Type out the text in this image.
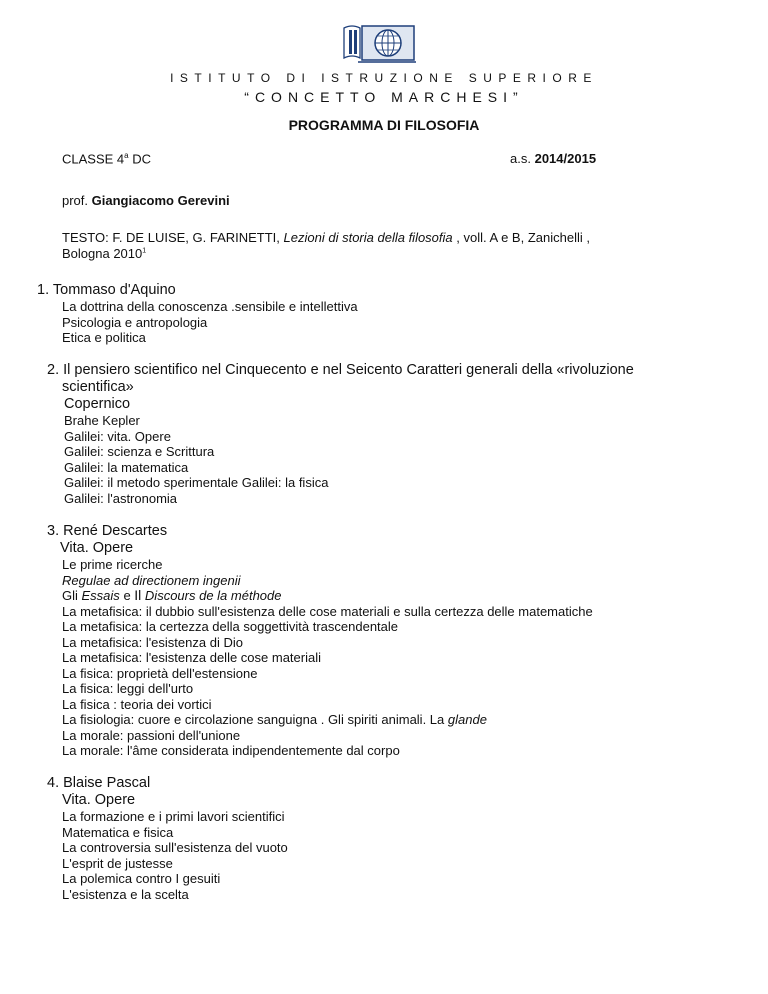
ISTITUTO DI ISTRUZIONE SUPERIORE
“CONCETTO MARCHESI”
PROGRAMMA DI FILOSOFIA
CLASSE 4$^a$ DC	a.s. 2014/2015
prof. Giangiacomo Gerevini
TESTO: F. DE LUISE, G. FARINETTI, Lezioni di storia della filosofia , voll. A e B, Zanichelli ,
Bologna 2010$^1$
1. Tommaso d'Aquino
La dottrina della conoscenza .sensibile e intellettiva
Psicologia e antropologia
Etica e politica
2. Il pensiero scientifico nel Cinquecento e nel Seicento Caratteri generali della «rivoluzione
scientifica»
Copernico
Brahe Kepler
Galilei: vita. Opere
Galilei: scienza e Scrittura
Galilei: la matematica
Galilei: il metodo sperimentale Galilei: la fisica
Galilei: l'astronomia
3. René Descartes
Vita. Opere
Le prime ricerche
Regulae ad directionem ingenii
Gli Essais e Il Discours de la méthode
La metafisica: il dubbio sull'esistenza delle cose materiali e sulla certezza delle matematiche
La metafisica: la certezza della soggettività trascendentale
La metafisica: l'esistenza di Dio
La metafisica: l'esistenza delle cose materiali
La fisica: proprietà dell'estensione
La fisica: leggi dell'urto
La fisica : teoria dei vortici
La fisiologia: cuore e circolazione sanguigna . Gli spiriti animali. La glande
La morale: passioni dell'unione
La morale: l'âme considerata indipendentemente dal corpo
4. Blaise Pascal
Vita. Opere
La formazione e i primi lavori scientifici
Matematica e fisica
La controversia sull'esistenza del vuoto
L'esprit de justesse
La polemica contro I gesuiti
L'esistenza e la scelta
